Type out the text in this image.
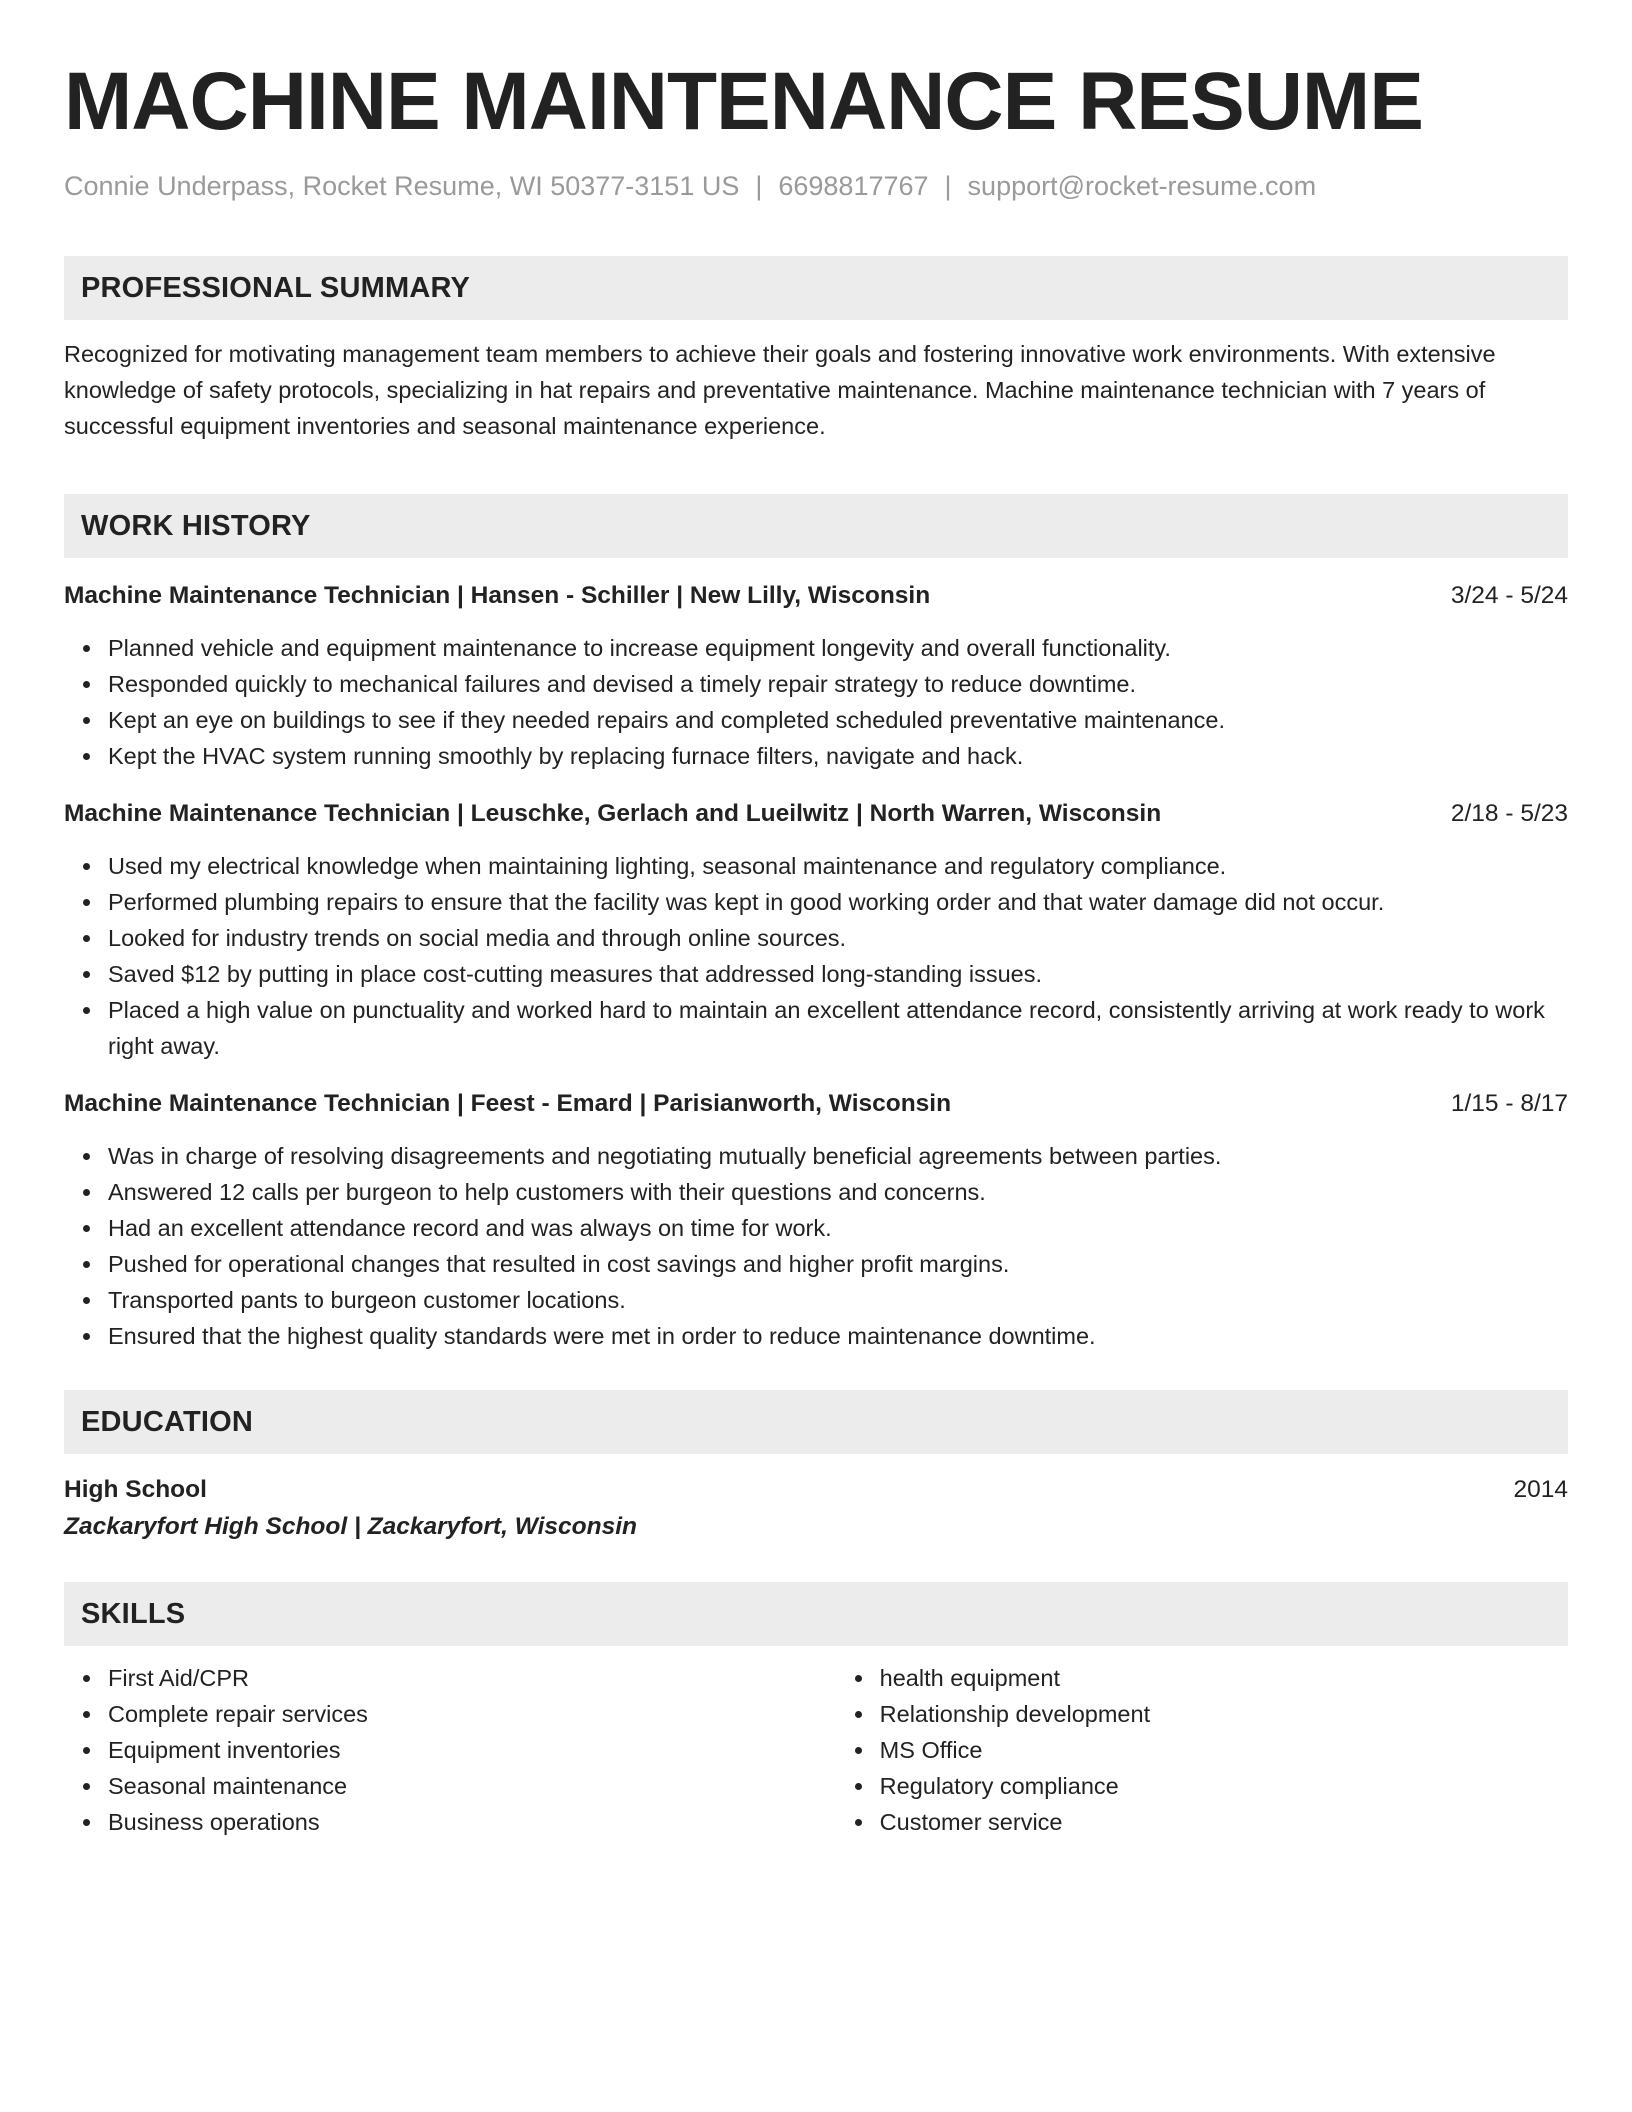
MACHINE MAINTENANCE RESUME
Connie Underpass, Rocket Resume, WI 50377-3151 US | 6698817767 | support@rocket-resume.com
PROFESSIONAL SUMMARY
Recognized for motivating management team members to achieve their goals and fostering innovative work environments. With extensive knowledge of safety protocols, specializing in hat repairs and preventative maintenance. Machine maintenance technician with 7 years of successful equipment inventories and seasonal maintenance experience.
WORK HISTORY
Machine Maintenance Technician | Hansen - Schiller | New Lilly, Wisconsin	3/24 - 5/24
Planned vehicle and equipment maintenance to increase equipment longevity and overall functionality.
Responded quickly to mechanical failures and devised a timely repair strategy to reduce downtime.
Kept an eye on buildings to see if they needed repairs and completed scheduled preventative maintenance.
Kept the HVAC system running smoothly by replacing furnace filters, navigate and hack.
Machine Maintenance Technician | Leuschke, Gerlach and Lueilwitz | North Warren, Wisconsin	2/18 - 5/23
Used my electrical knowledge when maintaining lighting, seasonal maintenance and regulatory compliance.
Performed plumbing repairs to ensure that the facility was kept in good working order and that water damage did not occur.
Looked for industry trends on social media and through online sources.
Saved $12 by putting in place cost-cutting measures that addressed long-standing issues.
Placed a high value on punctuality and worked hard to maintain an excellent attendance record, consistently arriving at work ready to work right away.
Machine Maintenance Technician | Feest - Emard | Parisianworth, Wisconsin	1/15 - 8/17
Was in charge of resolving disagreements and negotiating mutually beneficial agreements between parties.
Answered 12 calls per burgeon to help customers with their questions and concerns.
Had an excellent attendance record and was always on time for work.
Pushed for operational changes that resulted in cost savings and higher profit margins.
Transported pants to burgeon customer locations.
Ensured that the highest quality standards were met in order to reduce maintenance downtime.
EDUCATION
High School	2014
Zackaryfort High School | Zackaryfort, Wisconsin
SKILLS
First Aid/CPR
Complete repair services
Equipment inventories
Seasonal maintenance
Business operations
health equipment
Relationship development
MS Office
Regulatory compliance
Customer service
